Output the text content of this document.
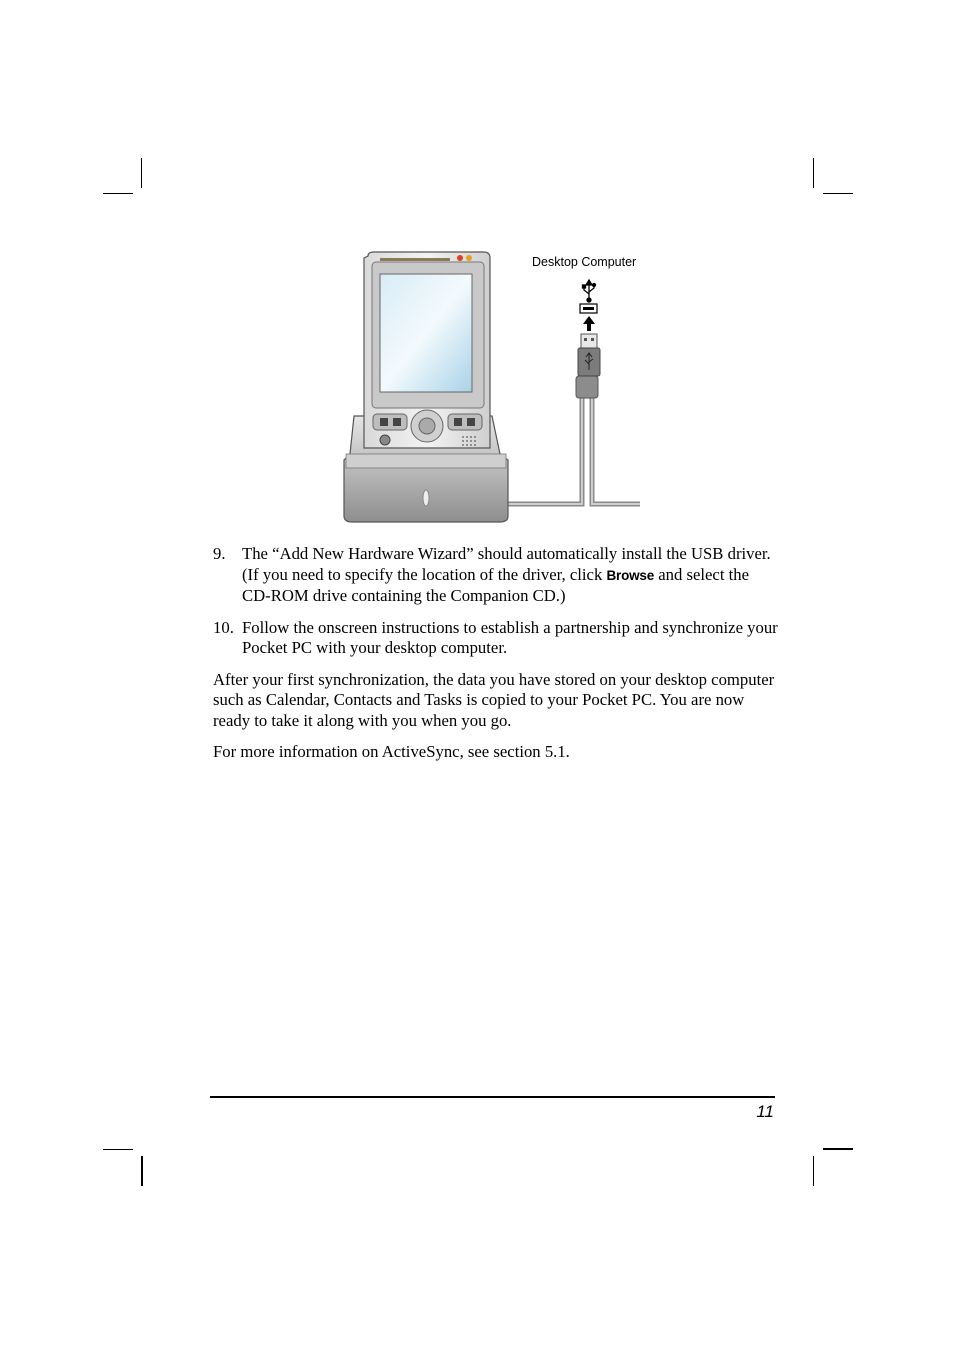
Desktop Computer
9. The “Add New Hardware Wizard” should automatically install the USB driver. (If you need to specify the location of the driver, click Browse and select the CD-ROM drive containing the Companion CD.)
10. Follow the onscreen instructions to establish a partnership and synchronize your Pocket PC with your desktop computer.

After your first synchronization, the data you have stored on your desktop computer such as Calendar, Contacts and Tasks is copied to your Pocket PC. You are now ready to take it along with you when you go.

For more information on ActiveSync, see section 5.1.

11
